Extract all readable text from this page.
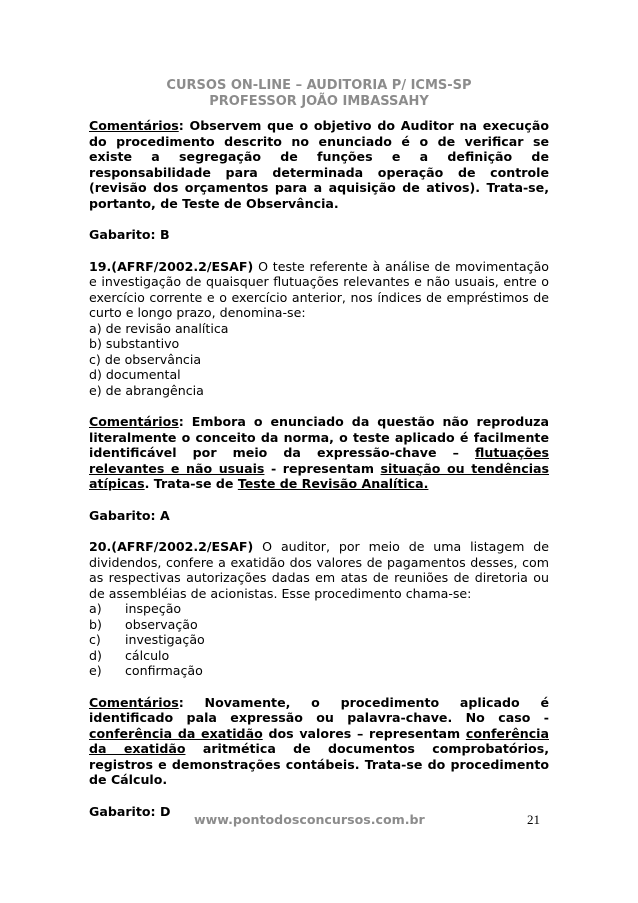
CURSOS ON-LINE – AUDITORIA P/ ICMS-SP
PROFESSOR JOÃO IMBASSAHY

Comentários: Observem que o objetivo do Auditor na execução do procedimento descrito no enunciado é o de verificar se existe a segregação de funções e a definição de responsabilidade para determinada operação de controle (revisão dos orçamentos para a aquisição de ativos). Trata-se, portanto, de Teste de Observância.

Gabarito: B

19.(AFRF/2002.2/ESAF) O teste referente à análise de movimentação e investigação de quaisquer flutuações relevantes e não usuais, entre o exercício corrente e o exercício anterior, nos índices de empréstimos de curto e longo prazo, denomina-se:

a) de revisão analítica
b) substantivo
c) de observância
d) documental
e) de abrangência

Comentários: Embora o enunciado da questão não reproduza literalmente o conceito da norma, o teste aplicado é facilmente identificável por meio da expressão-chave – flutuações relevantes e não usuais - representam situação ou tendências atípicas. Trata-se de Teste de Revisão Analítica.

Gabarito: A

20.(AFRF/2002.2/ESAF) O auditor, por meio de uma listagem de dividendos, confere a exatidão dos valores de pagamentos desses, com as respectivas autorizações dadas em atas de reuniões de diretoria ou de assembléias de acionistas. Esse procedimento chama-se:

a)	inspeção
b)	observação
c)	investigação
d)	cálculo
e)	confirmação

Comentários: Novamente, o procedimento aplicado é identificado pala expressão ou palavra-chave. No caso - conferência da exatidão dos valores – representam conferência da exatidão aritmética de documentos comprobatórios, registros e demonstrações contábeis. Trata-se do procedimento de Cálculo.

Gabarito: D

www.pontodosconcursos.com.br	21
